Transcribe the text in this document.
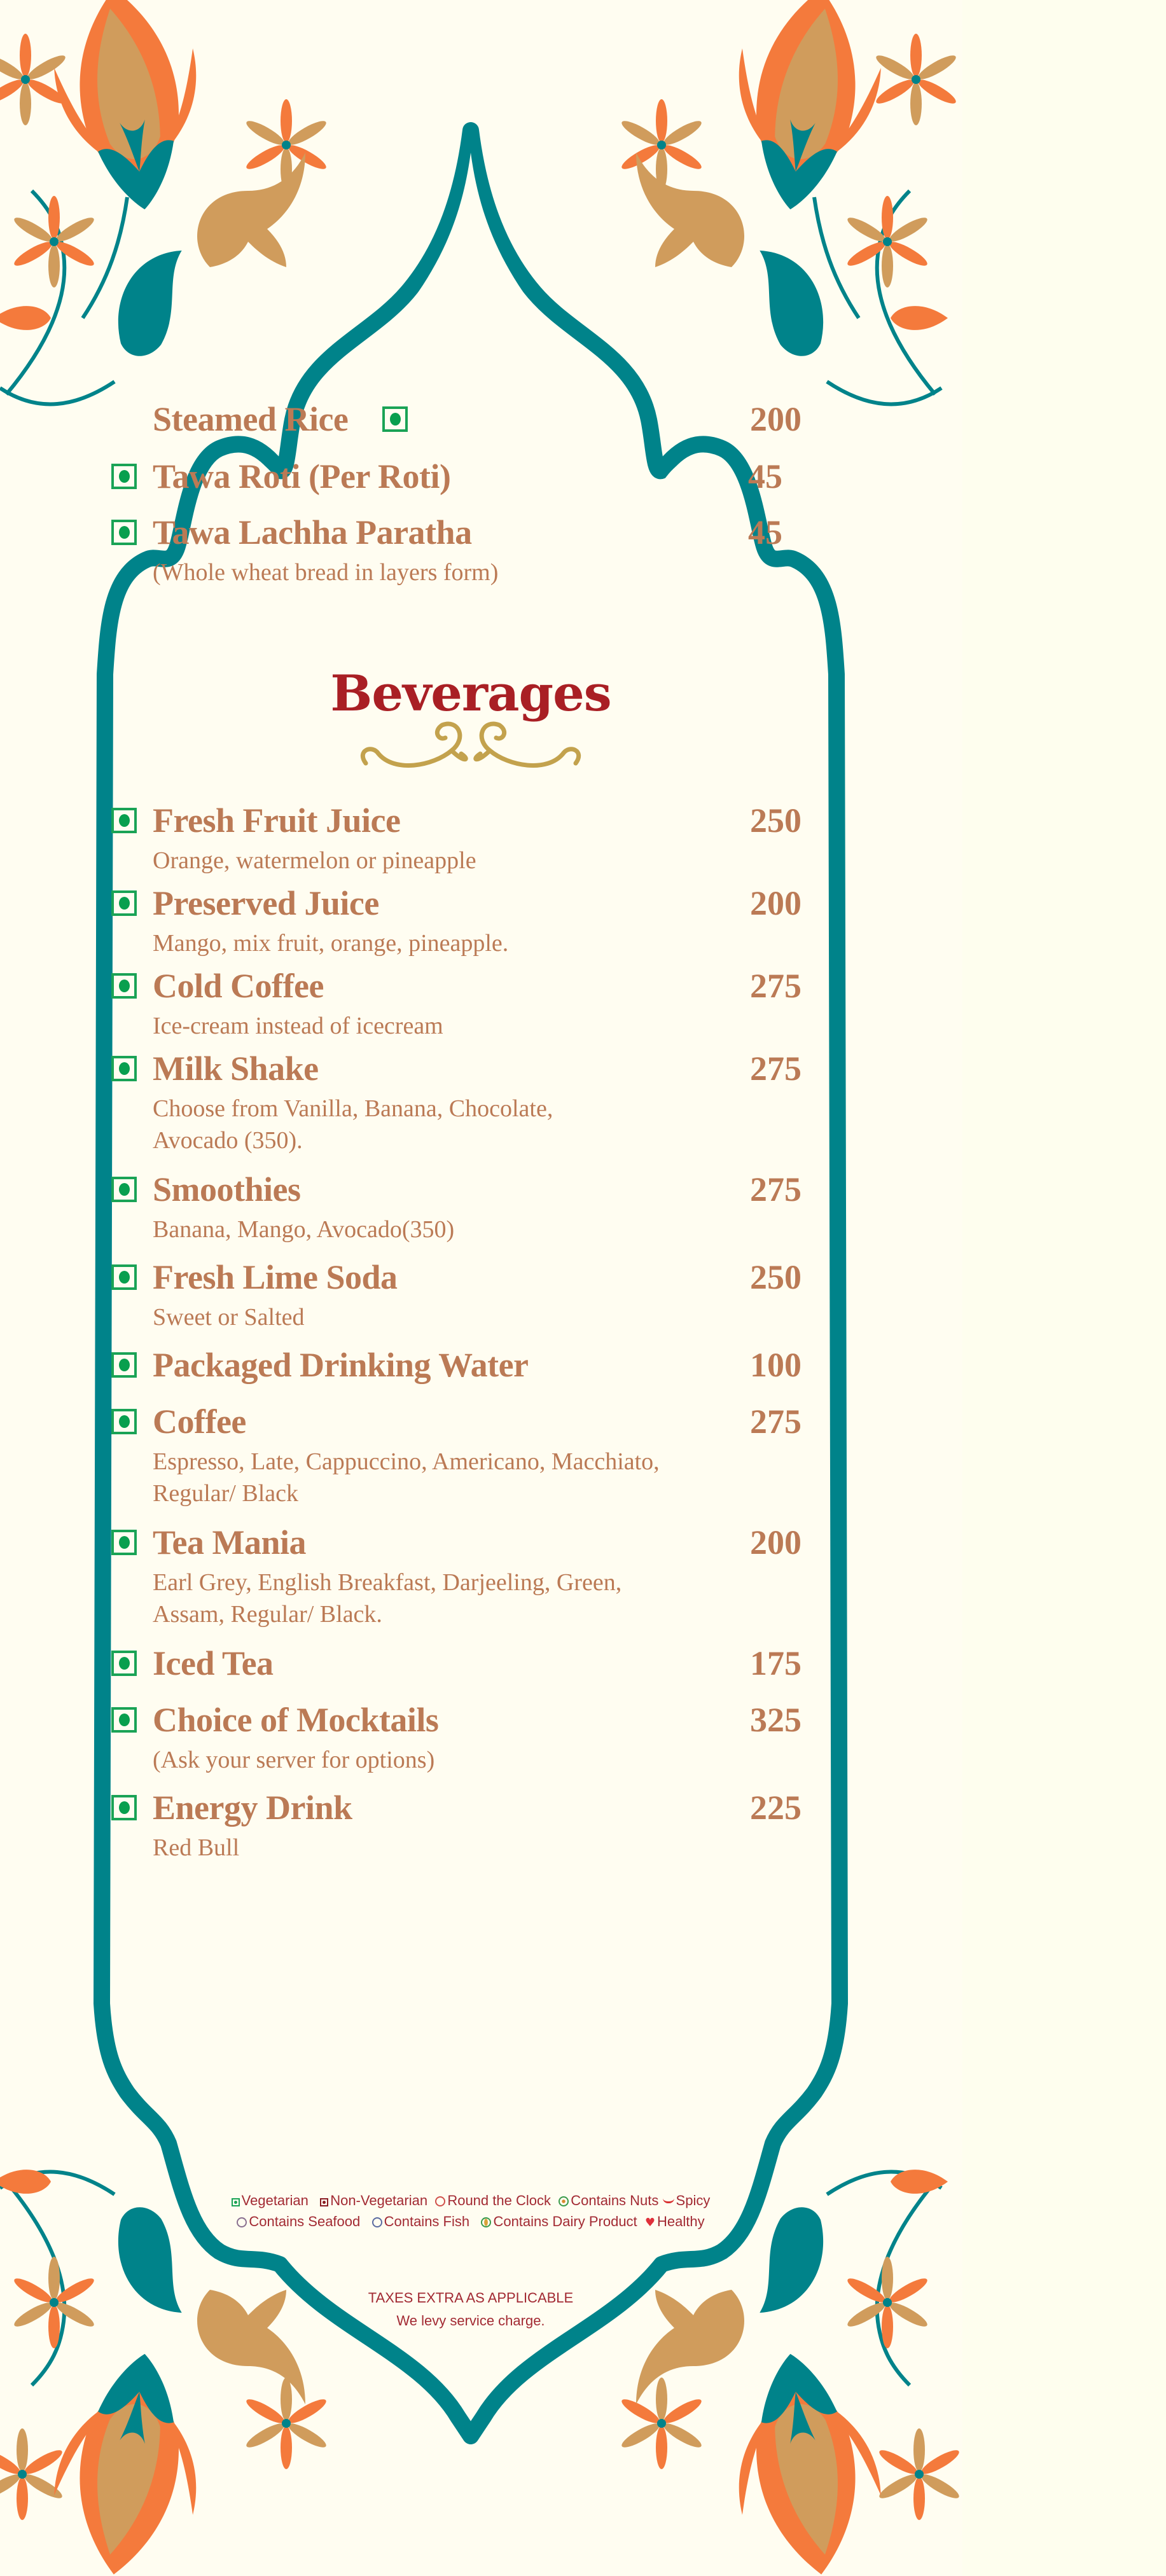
Steamed Rice	200
Tawa Roti (Per Roti)	45
Tawa Lachha Paratha	45
(Whole wheat bread in layers form)
Beverages
Fresh Fruit Juice	250
Orange, watermelon or pineapple
Preserved Juice	200
Mango, mix fruit, orange, pineapple.
Cold Coffee	275
Ice-cream instead of icecream
Milk Shake	275
Choose from Vanilla, Banana, Chocolate,
Avocado (350).
Smoothies	275
Banana, Mango, Avocado(350)
Fresh Lime Soda	250
Sweet or Salted
Packaged Drinking Water	100
Coffee	275
Espresso, Late, Cappuccino, Americano, Macchiato,
Regular/ Black
Tea Mania	200
Earl Grey, English Breakfast, Darjeeling, Green,
Assam, Regular/ Black.
Iced Tea	175
Choice of Mocktails	325
(Ask your server for options)
Energy Drink	225
Red Bull
Vegetarian Non-Vegetarian Round the Clock Contains Nuts Spicy
Contains Seafood Contains Fish Contains Dairy Product ♥ Healthy
TAXES EXTRA AS APPLICABLE
We levy service charge.
